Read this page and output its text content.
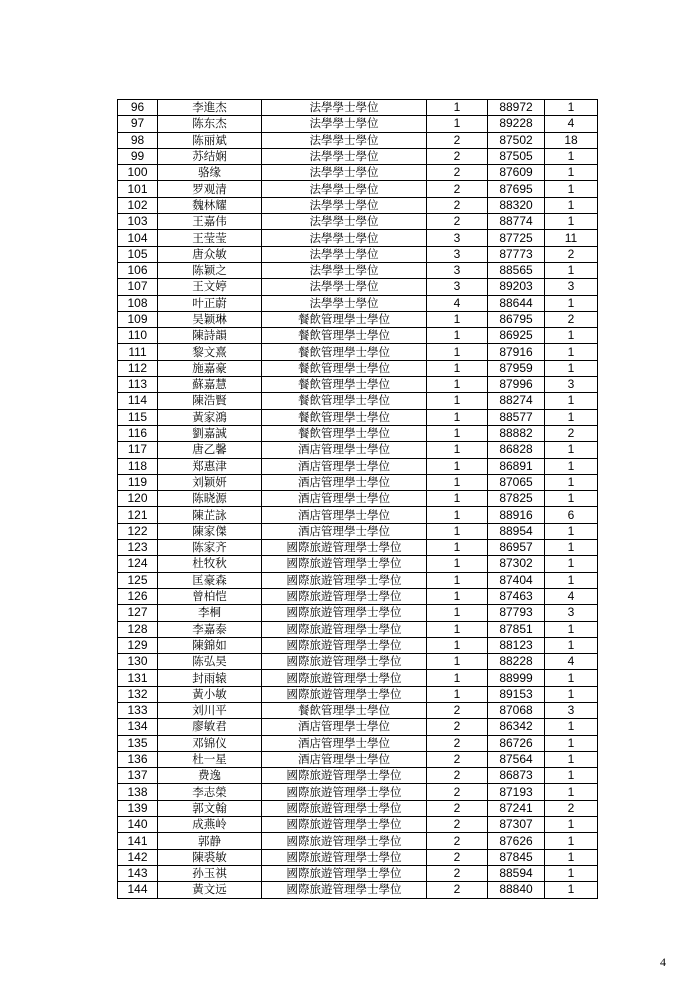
96	李進杰	法學學士學位	1	88972	1
97	陈东杰	法學學士學位	1	89228	4
98	陈丽斌	法學學士學位	2	87502	18
99	苏结娴	法學學士學位	2	87505	1
100	骆缘	法學學士學位	2	87609	1
101	罗观清	法學學士學位	2	87695	1
102	魏林耀	法學學士學位	2	88320	1
103	王嘉伟	法學學士學位	2	88774	1
104	王莹莹	法學學士學位	3	87725	11
105	唐众敏	法學學士學位	3	87773	2
106	陈颖之	法學學士學位	3	88565	1
107	王文婷	法學學士學位	3	89203	3
108	叶正蔚	法學學士學位	4	88644	1
109	吴颖琳	餐飲管理學士學位	1	86795	2
110	陳詩韻	餐飲管理學士學位	1	86925	1
111	黎文熹	餐飲管理學士學位	1	87916	1
112	施嘉豪	餐飲管理學士學位	1	87959	1
113	蘇嘉慧	餐飲管理學士學位	1	87996	3
114	陳浩賢	餐飲管理學士學位	1	88274	1
115	黃家鴻	餐飲管理學士學位	1	88577	1
116	劉嘉誠	餐飲管理學士學位	1	88882	2
117	唐乙馨	酒店管理學士學位	1	86828	1
118	郑惠津	酒店管理學士學位	1	86891	1
119	刘颖妍	酒店管理學士學位	1	87065	1
120	陈晓源	酒店管理學士學位	1	87825	1
121	陳芷詠	酒店管理學士學位	1	88916	6
122	陳家傑	酒店管理學士學位	1	88954	1
123	陈家齐	國際旅遊管理學士學位	1	86957	1
124	杜牧秋	國際旅遊管理學士學位	1	87302	1
125	匡豪森	國際旅遊管理學士學位	1	87404	1
126	曾柏恺	國際旅遊管理學士學位	1	87463	4
127	李桐	國際旅遊管理學士學位	1	87793	3
128	李嘉泰	國際旅遊管理學士學位	1	87851	1
129	陳錦如	國際旅遊管理學士學位	1	88123	1
130	陈弘昊	國際旅遊管理學士學位	1	88228	4
131	封雨辕	國際旅遊管理學士學位	1	88999	1
132	黃小敏	國際旅遊管理學士學位	1	89153	1
133	刘川平	餐飲管理學士學位	2	87068	3
134	廖敏君	酒店管理學士學位	2	86342	1
135	邓锦仪	酒店管理學士學位	2	86726	1
136	杜一星	酒店管理學士學位	2	87564	1
137	费逸	國際旅遊管理學士學位	2	86873	1
138	李志榮	國際旅遊管理學士學位	2	87193	1
139	郭文翰	國際旅遊管理學士學位	2	87241	2
140	成燕岭	國際旅遊管理學士學位	2	87307	1
141	郭静	國際旅遊管理學士學位	2	87626	1
142	陳裘敏	國際旅遊管理學士學位	2	87845	1
143	孙玉祺	國際旅遊管理學士學位	2	88594	1
144	黃文远	國際旅遊管理學士學位	2	88840	1
4
